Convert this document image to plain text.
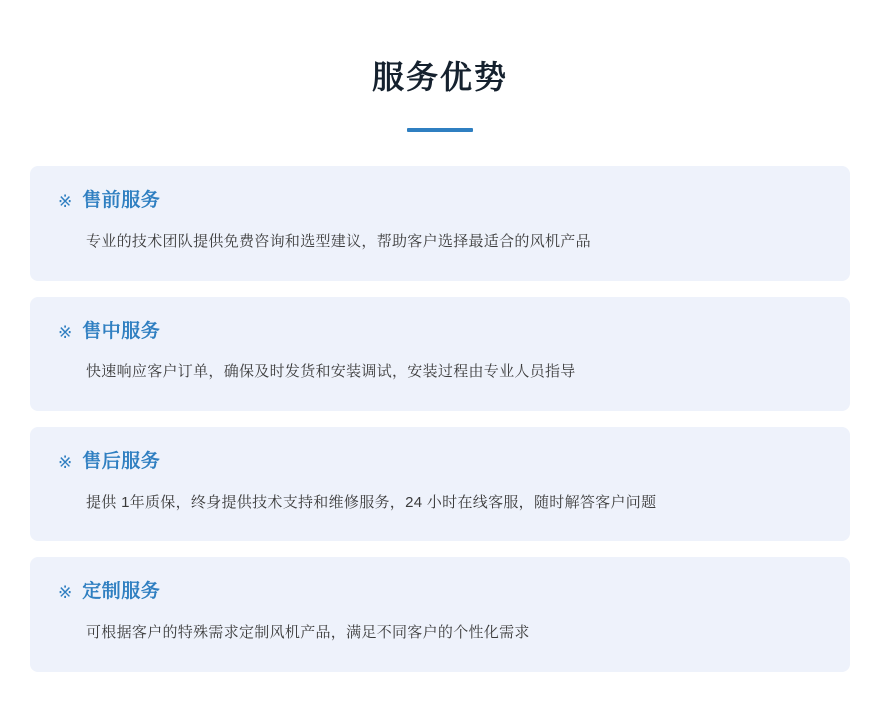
服务优势
※ 售前服务
专业的技术团队提供免费咨询和选型建议，帮助客户选择最适合的风机产品
※ 售中服务
快速响应客户订单，确保及时发货和安装调试，安装过程由专业人员指导
※ 售后服务
提供 1年质保，终身提供技术支持和维修服务，24 小时在线客服，随时解答客户问题
※ 定制服务
可根据客户的特殊需求定制风机产品，满足不同客户的个性化需求
